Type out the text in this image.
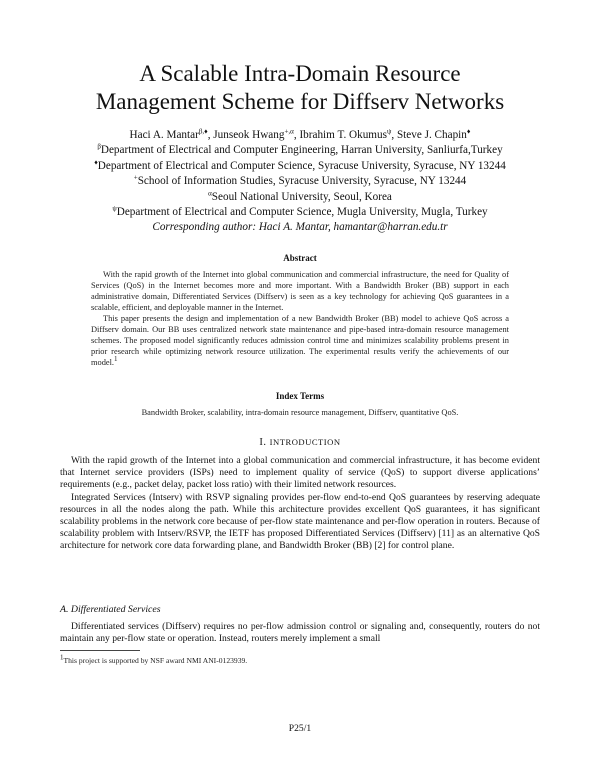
A Scalable Intra-Domain Resource
Management Scheme for Diffserv Networks
Haci A. Mantar$^{\beta,♦}$, Junseok Hwang$^{+,\alpha}$, Ibrahim T. Okumus$^\psi$, Steve J. Chapin♦
$^\beta$Department of Electrical and Computer Engineering, Harran University, Sanliurfa,Turkey
♦Department of Electrical and Computer Science, Syracuse University, Syracuse, NY 13244
+School of Information Studies, Syracuse University, Syracuse, NY 13244
$^\alpha$Seoul National University, Seoul, Korea
$^\psi$Department of Electrical and Computer Science, Mugla University, Mugla, Turkey
Corresponding author: Haci A. Mantar, hamantar@harran.edu.tr
Abstract

With the rapid growth of the Internet into global communication and commercial infrastructure, the need for Quality of Services (QoS) in the Internet becomes more and more important. With a Bandwidth Broker (BB) support in each administrative domain, Differentiated Services (Diffserv) is seen as a key technology for achieving QoS guarantees in a scalable, efficient, and deployable manner in the Internet.

This paper presents the design and implementation of a new Bandwidth Broker (BB) model to achieve QoS across a Diffserv domain. Our BB uses centralized network state maintenance and pipe-based intra-domain resource management schemes. The proposed model significantly reduces admission control time and minimizes scalability problems present in prior research while optimizing network resource utilization. The experimental results verify the achievements of our model.$^1$

Index Terms
Bandwidth Broker, scalability, intra-domain resource management, Diffserv, quantitative QoS.
I. INTRODUCTION

With the rapid growth of the Internet into a global communication and commercial infrastructure, it has become evident that Internet service providers (ISPs) need to implement quality of service (QoS) to support diverse applications’ requirements (e.g., packet delay, packet loss ratio) with their limited network resources.

Integrated Services (Intserv) with RSVP signaling provides per-flow end-to-end QoS guarantees by reserving adequate resources in all the nodes along the path. While this architecture provides excellent QoS guarantees, it has significant scalability problems in the network core because of per-flow state maintenance and per-flow operation in routers. Because of scalability problem with Intserv/RSVP, the IETF has proposed Differentiated Services (Diffserv) [11] as an alternative QoS architecture for network core data forwarding plane, and Bandwidth Broker (BB) [2] for control plane.

A. Differentiated Services

Differentiated services (Diffserv) requires no per-flow admission control or signaling and, consequently, routers do not maintain any per-flow state or operation. Instead, routers merely implement a small

$^1$This project is supported by NSF award NMI ANI-0123939.
P25/1
